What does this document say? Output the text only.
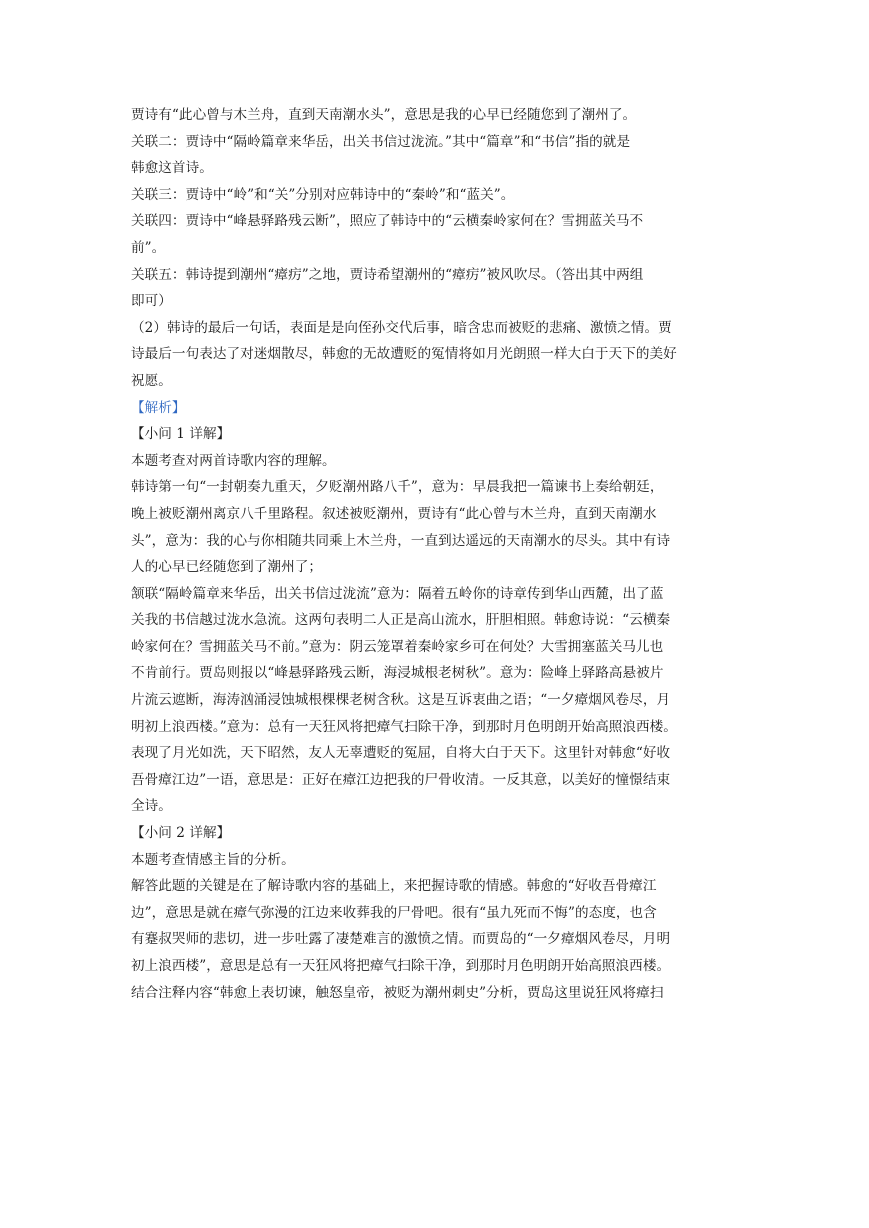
贾诗有“此心曾与木兰舟，直到天南潮水头”，意思是我的心早已经随您到了潮州了。
关联二：贾诗中“隔岭篇章来华岳，出关书信过泷流。”其中“篇章”和“书信”指的就是
韩愈这首诗。
关联三：贾诗中“岭”和“关”分别对应韩诗中的“秦岭”和“蓝关”。
关联四：贾诗中“峰悬驿路残云断”，照应了韩诗中的“云横秦岭家何在？雪拥蓝关马不
前”。
关联五：韩诗提到潮州“瘴疠”之地，贾诗希望潮州的“瘴疠”被风吹尽。（答出其中两组
即可）
（2）韩诗的最后一句话，表面是是向侄孙交代后事，暗含忠而被贬的悲痛、激愤之情。贾
诗最后一句表达了对迷烟散尽，韩愈的无故遭贬的冤情将如月光朗照一样大白于天下的美好
祝愿。
【解析】
【小问 1 详解】
本题考查对两首诗歌内容的理解。
韩诗第一句“一封朝奏九重天，夕贬潮州路八千”，意为：早晨我把一篇谏书上奏给朝廷，
晚上被贬潮州离京八千里路程。叙述被贬潮州，贾诗有“此心曾与木兰舟，直到天南潮水
头”，意为：我的心与你相随共同乘上木兰舟，一直到达遥远的天南潮水的尽头。其中有诗
人的心早已经随您到了潮州了；
颔联“隔岭篇章来华岳，出关书信过泷流”意为：隔着五岭你的诗章传到华山西麓，出了蓝
关我的书信越过泷水急流。这两句表明二人正是高山流水，肝胆相照。韩愈诗说：“云横秦
岭家何在？雪拥蓝关马不前。”意为：阴云笼罩着秦岭家乡可在何处？大雪拥塞蓝关马儿也
不肯前行。贾岛则报以“峰悬驿路残云断，海浸城根老树秋”。意为：险峰上驿路高悬被片
片流云遮断，海涛汹涌浸蚀城根棵棵老树含秋。这是互诉衷曲之语；“一夕瘴烟风卷尽，月
明初上浪西楼。”意为：总有一天狂风将把瘴气扫除干净，到那时月色明朗开始高照浪西楼。
表现了月光如洗，天下昭然，友人无辜遭贬的冤屈，自将大白于天下。这里针对韩愈“好收
吾骨瘴江边”一语，意思是：正好在瘴江边把我的尸骨收清。一反其意，以美好的憧憬结束
全诗。
【小问 2 详解】
本题考查情感主旨的分析。
解答此题的关键是在了解诗歌内容的基础上，来把握诗歌的情感。韩愈的“好收吾骨瘴江
边”，意思是就在瘴气弥漫的江边来收葬我的尸骨吧。很有“虽九死而不悔”的态度，也含
有蹇叔哭师的悲切，进一步吐露了凄楚难言的激愤之情。而贾岛的“一夕瘴烟风卷尽，月明
初上浪西楼”，意思是总有一天狂风将把瘴气扫除干净，到那时月色明朗开始高照浪西楼。
结合注释内容“韩愈上表切谏，触怒皇帝，被贬为潮州刺史”分析，贾岛这里说狂风将瘴扫
